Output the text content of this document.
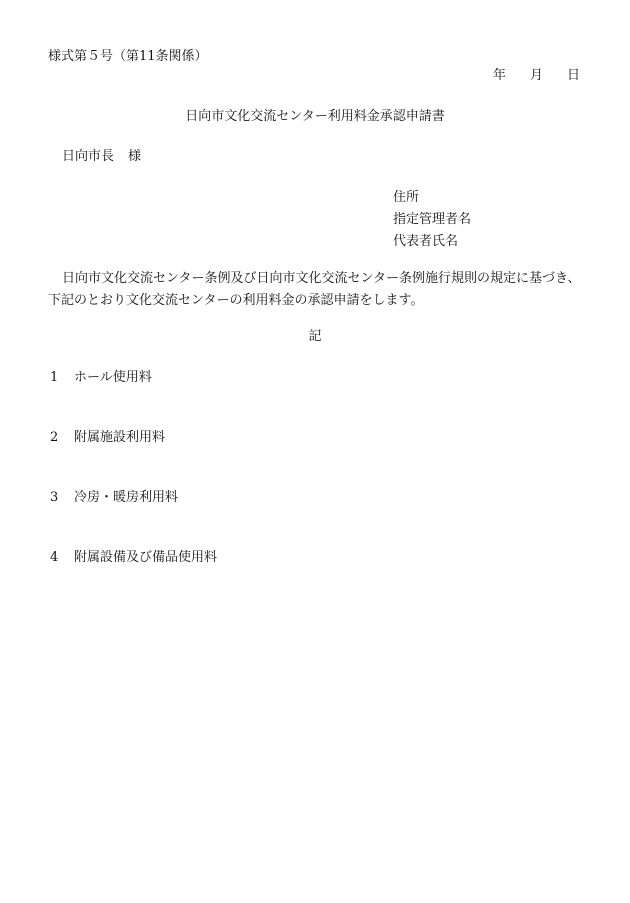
様式第５号（第11条関係）
年 月 日
日向市文化交流センター利用料金承認申請書
日向市長 様
住所
指定管理者名
代表者氏名
日向市文化交流センター条例及び日向市文化交流センター条例施行規則の規定に基づき、
下記のとおり文化交流センターの利用料金の承認申請をします。
記
1 ホール使用料
2 附属施設利用料
3 冷房・暖房利用料
4 附属設備及び備品使用料
